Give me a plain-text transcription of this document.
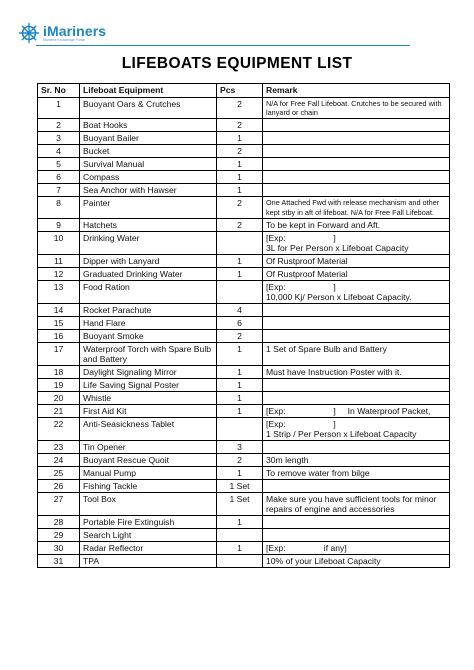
iMariners
Maritime Knowledge Portal
LIFEBOATS EQUIPMENT LIST
Sr. No	Lifeboat Equipment	Pcs	Remark
1	Buoyant Oars & Crutches	2	N/A for Free Fall Lifeboat. Crutches to be secured with lanyard or chain
2	Boat Hooks	2	
3	Buoyant Bailer	1	
4	Bucket	2	
5	Survival Manual	1	
6	Compass	1	
7	Sea Anchor with Hawser	1	
8	Painter	2	One Attached Fwd with release mechanism and other kept stby in aft of lifeboat. N/A for Free Fall Lifeboat.
9	Hatchets	2	To be kept in Forward and Aft.
10	Drinking Water		[Exp:                    ]
3L for Per Person x Lifeboat Capacity
11	Dipper with Lanyard	1	Of Rustproof Material
12	Graduated Drinking Water	1	Of Rustproof Material
13	Food Ration		[Exp:                    ]
10,000 Kj/ Person x Lifeboat Capacity.
14	Rocket Parachute	4	
15	Hand Flare	6	
16	Buoyant Smoke	2	
17	Waterproof Torch with Spare Bulb and Battery	1	1 Set of Spare Bulb and Battery
18	Daylight Signaling Mirror	1	Must have Instruction Poster with it.
19	Life Saving Signal Poster	1	
20	Whistle	1	
21	First Aid Kit	1	[Exp:                    ]     In Waterproof Packet,
22	Anti-Seasickness Tablet		[Exp:                    ]
1 Strip / Per Person x Lifeboat Capacity
23	Tin Opener	3	
24	Buoyant Rescue Quoit	2	30m length
25	Manual Pump	1	To remove water from bilge
26	Fishing Tackle	1 Set	
27	Tool Box	1 Set	Make sure you have sufficient tools for minor repairs of engine and accessories
28	Portable Fire Extinguish	1	
29	Search Light		
30	Radar Reflector	1	[Exp:                if any]
31	TPA		10% of your Lifeboat Capacity
